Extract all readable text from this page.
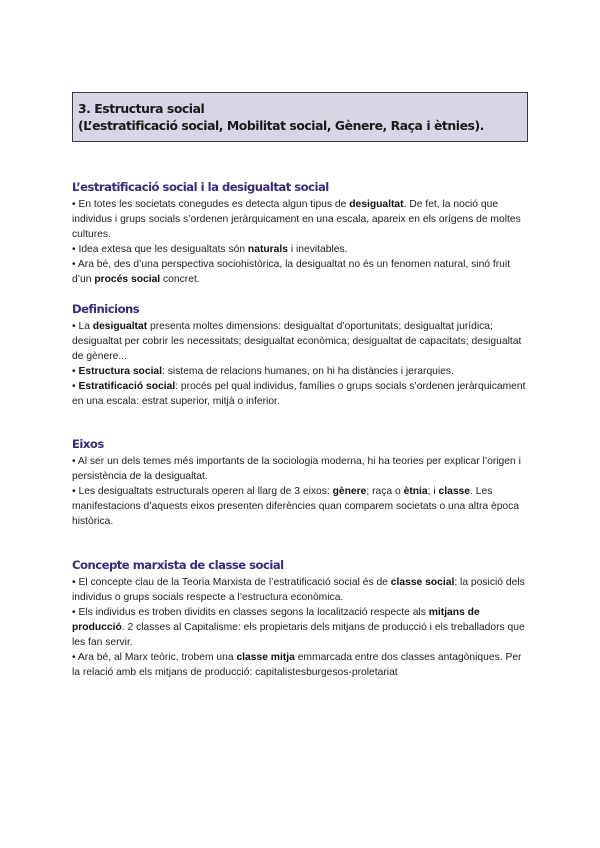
3. Estructura social
(L’estratificació social, Mobilitat social, Gènere, Raça i ètnies).
L’estratificació social i la desigualtat social

• En totes les societats conegudes es detecta algun tipus de desigualtat. De fet, la noció que individus i grups socials s’ordenen jeràrquicament en una escala, apareix en els orígens de moltes cultures.

• Idea extesa que les desigualtats són naturals i inevitables.

• Ara bé, des d’una perspectiva sociohistòrica, la desigualtat no és un fenomen natural, sinó fruit d’un procés social concret.

Definicions

• La desigualtat presenta moltes dimensions: desigualtat d’oportunitats; desigualtat jurídica; desigualtat per cobrir les necessitats; desigualtat econòmica; desigualtat de capacitats; desigualtat de gènere...

• Estructura social: sistema de relacions humanes, on hi ha distàncies i jerarquies.

• Estratificació social: procés pel qual individus, famílies o grups socials s’ordenen jeràrquicament en una escala: estrat superior, mitjà o inferior.

Eixos

• Al ser un dels temes més importants de la sociologia moderna, hi ha teories per explicar l’origen i persistència de la desigualtat.

• Les desigualtats estructurals operen al llarg de 3 eixos: gènere; raça o ètnia; i classe. Les manifestacions d’aquests eixos presenten diferències quan comparem societats o una altra època històrica.

Concepte marxista de classe social

• El concepte clau de la Teoria Marxista de l’estratificació social és de classe social: la posició dels individus o grups socials respecte a l’estructura econòmica.

• Els individus es troben dividits en classes segons la localització respecte als mitjans de producció. 2 classes al Capitalisme: els propietaris dels mitjans de producció i els treballadors que les fan servir.

• Ara bé, al Marx teòric, trobem una classe mitja emmarcada entre dos classes antagòniques. Per la relació amb els mitjans de producció: capitalistesburgesos-proletariat
